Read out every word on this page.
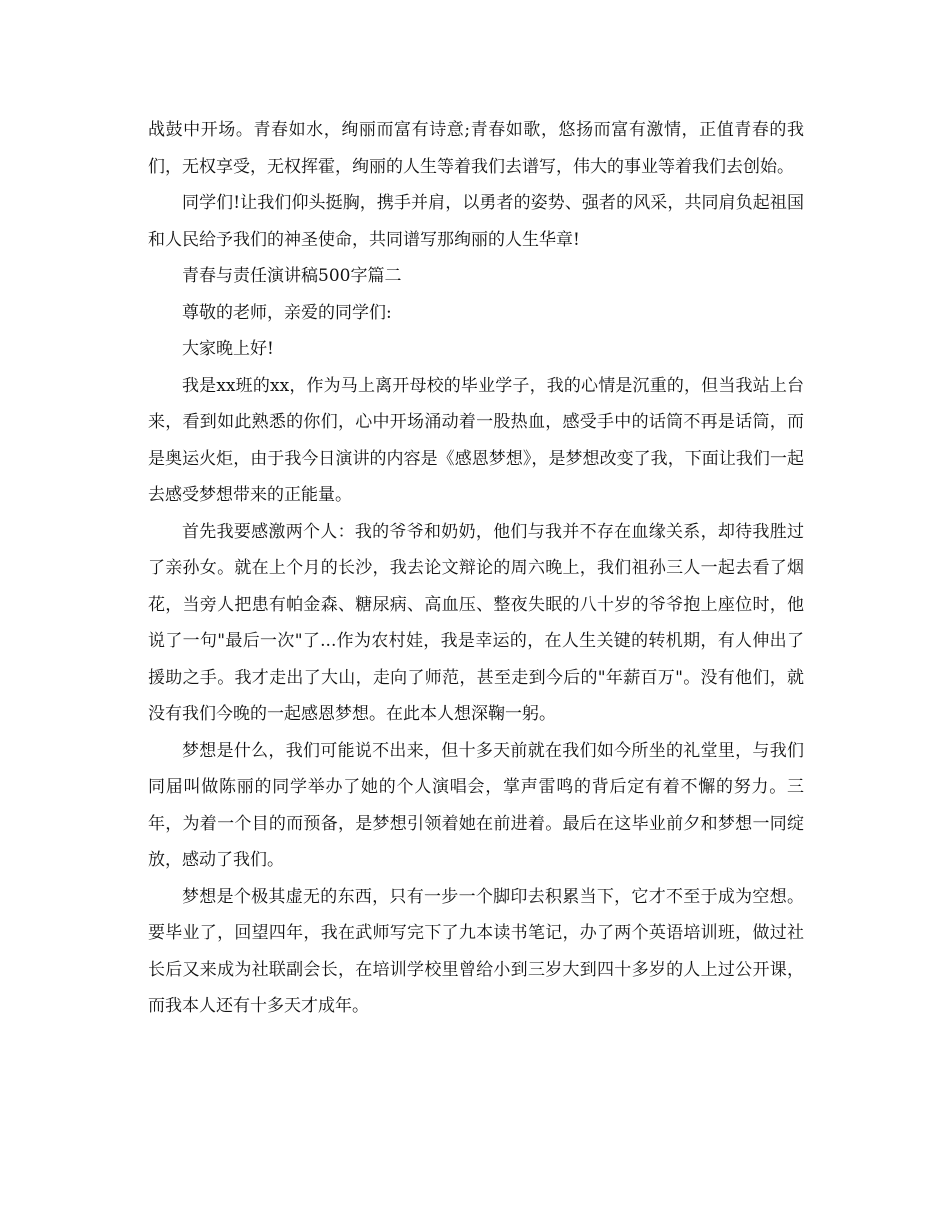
战鼓中开场。青春如水，绚丽而富有诗意;青春如歌，悠扬而富有激情，正值青春的我们，无权享受，无权挥霍，绚丽的人生等着我们去谱写，伟大的事业等着我们去创始。

同学们!让我们仰头挺胸，携手并肩，以勇者的姿势、强者的风采，共同肩负起祖国和人民给予我们的神圣使命，共同谱写那绚丽的人生华章!

青春与责任演讲稿500字篇二

尊敬的老师，亲爱的同学们:

大家晚上好!

我是xx班的xx，作为马上离开母校的毕业学子，我的心情是沉重的，但当我站上台来，看到如此熟悉的你们，心中开场涌动着一股热血，感受手中的话筒不再是话筒，而是奥运火炬，由于我今日演讲的内容是《感恩梦想》，是梦想改变了我，下面让我们一起去感受梦想带来的正能量。

首先我要感激两个人：我的爷爷和奶奶，他们与我并不存在血缘关系，却待我胜过了亲孙女。就在上个月的长沙，我去论文辩论的周六晚上，我们祖孙三人一起去看了烟花，当旁人把患有帕金森、糖尿病、高血压、整夜失眠的八十岁的爷爷抱上座位时，他说了一句"最后一次"了...作为农村娃，我是幸运的，在人生关键的转机期，有人伸出了援助之手。我才走出了大山，走向了师范，甚至走到今后的"年薪百万"。没有他们，就没有我们今晚的一起感恩梦想。在此本人想深鞠一躬。

梦想是什么，我们可能说不出来，但十多天前就在我们如今所坐的礼堂里，与我们同届叫做陈丽的同学举办了她的个人演唱会，掌声雷鸣的背后定有着不懈的努力。三年，为着一个目的而预备，是梦想引领着她在前进着。最后在这毕业前夕和梦想一同绽放，感动了我们。

梦想是个极其虚无的东西，只有一步一个脚印去积累当下，它才不至于成为空想。要毕业了，回望四年，我在武师写完下了九本读书笔记，办了两个英语培训班，做过社长后又来成为社联副会长，在培训学校里曾给小到三岁大到四十多岁的人上过公开课，而我本人还有十多天才成年。
